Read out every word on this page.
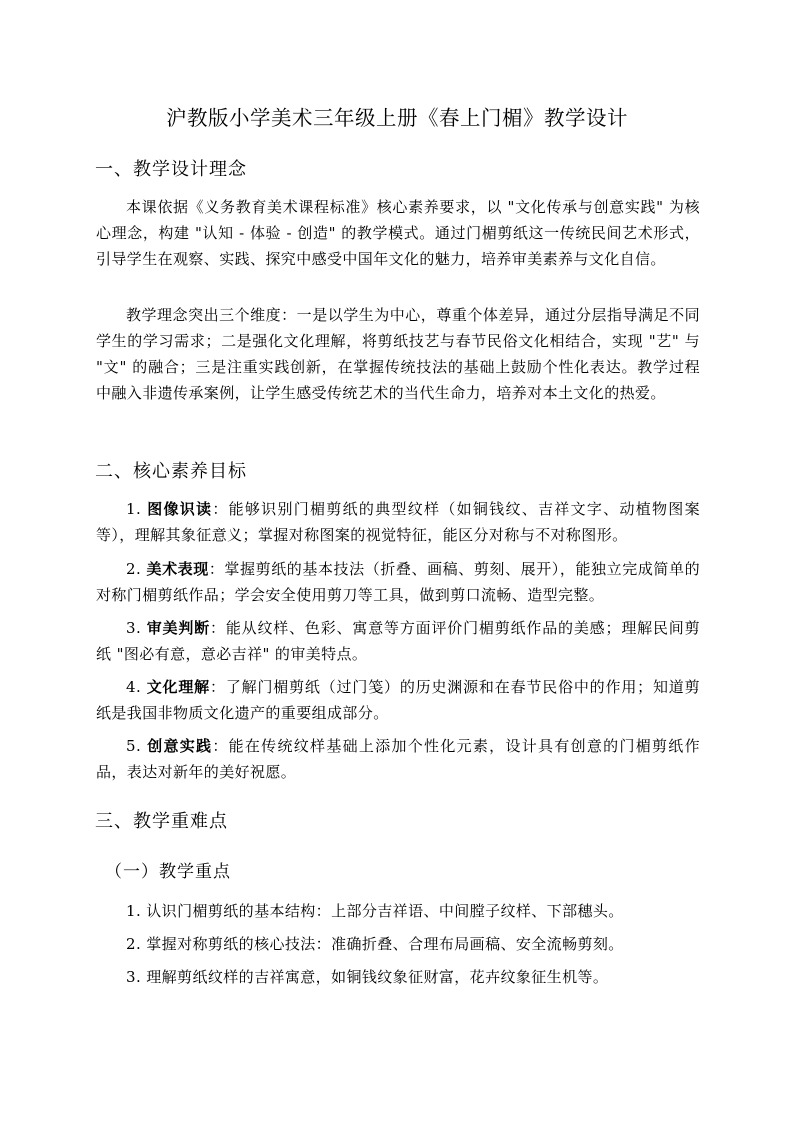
沪教版小学美术三年级上册《春上门楣》教学设计
一、教学设计理念

本课依据《义务教育美术课程标准》核心素养要求，以 "文化传承与创意实践" 为核心理念，构建 "认知 - 体验 - 创造" 的教学模式。通过门楣剪纸这一传统民间艺术形式，引导学生在观察、实践、探究中感受中国年文化的魅力，培养审美素养与文化自信。

教学理念突出三个维度：一是以学生为中心，尊重个体差异，通过分层指导满足不同学生的学习需求；二是强化文化理解，将剪纸技艺与春节民俗文化相结合，实现 "艺" 与 "文" 的融合；三是注重实践创新，在掌握传统技法的基础上鼓励个性化表达。教学过程中融入非遗传承案例，让学生感受传统艺术的当代生命力，培养对本土文化的热爱。

二、核心素养目标

1. 图像识读：能够识别门楣剪纸的典型纹样（如铜钱纹、吉祥文字、动植物图案等），理解其象征意义；掌握对称图案的视觉特征，能区分对称与不对称图形。

2. 美术表现：掌握剪纸的基本技法（折叠、画稿、剪刻、展开），能独立完成简单的对称门楣剪纸作品；学会安全使用剪刀等工具，做到剪口流畅、造型完整。

3. 审美判断：能从纹样、色彩、寓意等方面评价门楣剪纸作品的美感；理解民间剪纸 "图必有意，意必吉祥" 的审美特点。

4. 文化理解：了解门楣剪纸（过门笺）的历史渊源和在春节民俗中的作用；知道剪纸是我国非物质文化遗产的重要组成部分。

5. 创意实践：能在传统纹样基础上添加个性化元素，设计具有创意的门楣剪纸作品，表达对新年的美好祝愿。

三、教学重难点
（一）教学重点

1. 认识门楣剪纸的基本结构：上部分吉祥语、中间膛子纹样、下部穗头。

2. 掌握对称剪纸的核心技法：准确折叠、合理布局画稿、安全流畅剪刻。

3. 理解剪纸纹样的吉祥寓意，如铜钱纹象征财富，花卉纹象征生机等。
